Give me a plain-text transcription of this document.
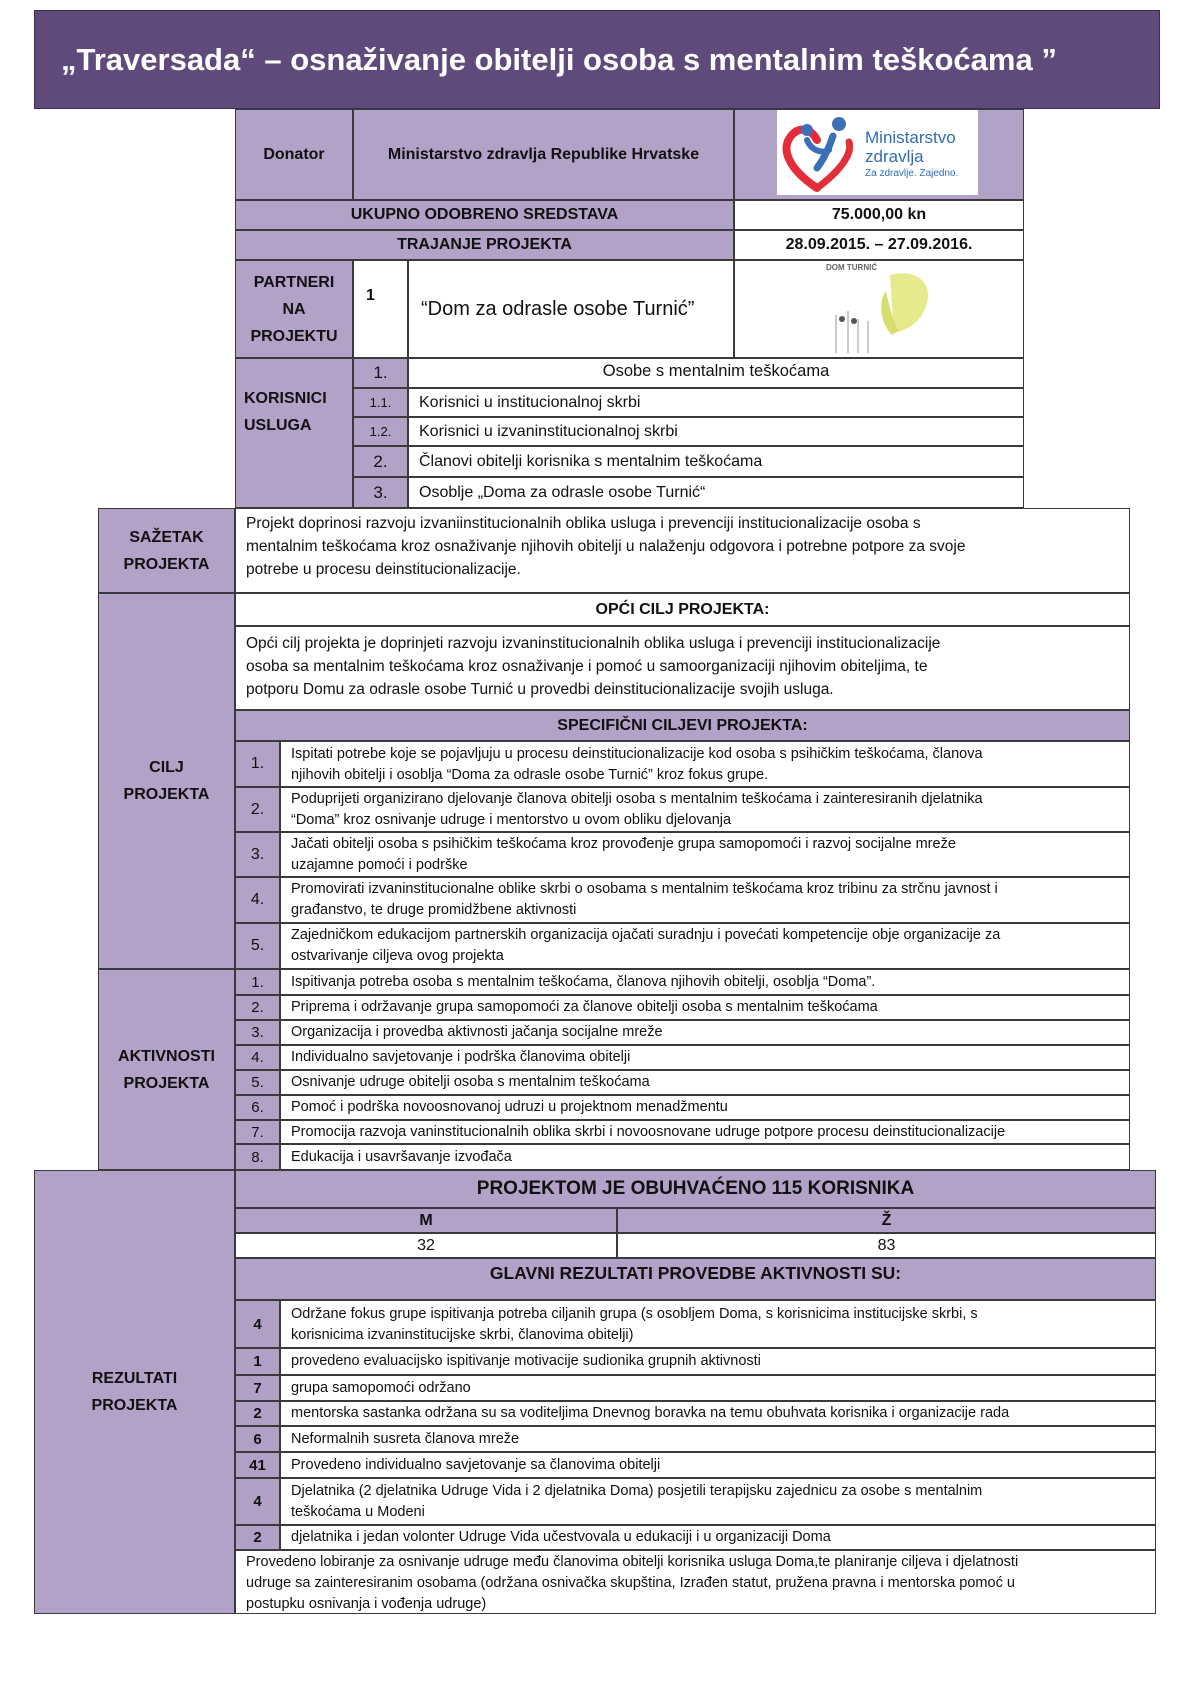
„Traversada“ – osnaživanje obitelji osoba s mentalnim teškoćama ”
Donator	Ministarstvo zdravlja Republike Hrvatske
Ministarstvo
zdravlja
Za zdravlje. Zajedno.
UKUPNO ODOBRENO SREDSTAVA	75.000,00 kn
TRAJANJE PROJEKTA	28.09.2015. – 27.09.2016.
PARTNERI
NA
PROJEKTU
1
“Dom za odrasle osobe Turnić”
DOM TURNIĆ
KORISNICI
USLUGA
1.	Osobe s mentalnim teškoćama
1.1. Korisnici u institucionalnoj skrbi
1.2. Korisnici u izvaninstitucionalnoj skrbi
2. Članovi obitelji korisnika s mentalnim teškoćama
3. Osoblje „Doma za odrasle osobe Turnić“
SAŽETAK
PROJEKTA
Projekt doprinosi razvoju izvaniinstitucionalnih oblika usluga i prevenciji institucionalizacije osoba s
mentalnim teškoćama kroz osnaživanje njihovih obitelji u nalaženju odgovora i potrebne potpore za svoje
potrebe u procesu deinstitucionalizacije.
CILJ
PROJEKTA
OPĆI CILJ PROJEKTA:
Opći cilj projekta je doprinjeti razvoju izvaninstitucionalnih oblika usluga i prevenciji institucionalizacije
osoba sa mentalnim teškoćama kroz osnaživanje i pomoć u samoorganizaciji njihovim obiteljima, te
potporu Domu za odrasle osobe Turnić u provedbi deinstitucionalizacije svojih usluga.
SPECIFIČNI CILJEVI PROJEKTA:
1.
Ispitati potrebe koje se pojavljuju u procesu deinstitucionalizacije kod osoba s psihičkim teškoćama, članova
njihovih obitelji i osoblja “Doma za odrasle osobe Turnić” kroz fokus grupe.
2.
Poduprijeti organizirano djelovanje članova obitelji osoba s mentalnim teškoćama i zainteresiranih djelatnika
“Doma” kroz osnivanje udruge i mentorstvo u ovom obliku djelovanja
3.
Jačati obitelji osoba s psihičkim teškoćama kroz provođenje grupa samopomoći i razvoj socijalne mreže
uzajamne pomoći i podrške
4.
Promovirati izvaninstitucionalne oblike skrbi o osobama s mentalnim teškoćama kroz tribinu za strčnu javnost i
građanstvo, te druge promidžbene aktivnosti
5.
Zajedničkom edukacijom partnerskih organizacija ojačati suradnju i povećati kompetencije obje organizacije za
ostvarivanje ciljeva ovog projekta
AKTIVNOSTI
PROJEKTA
1. Ispitivanja potreba osoba s mentalnim teškoćama, članova njihovih obitelji, osoblja “Doma”.
2. Priprema i održavanje grupa samopomoći za članove obitelji osoba s mentalnim teškoćama
3. Organizacija i provedba aktivnosti jačanja socijalne mreže
4. Individualno savjetovanje i podrška članovima obitelji
5. Osnivanje udruge obitelji osoba s mentalnim teškoćama
6. Pomoć i podrška novoosnovanoj udruzi u projektnom menadžmentu
7. Promocija razvoja vaninstitucionalnih oblika skrbi i novoosnovane udruge potpore procesu deinstitucionalizacije
8. Edukacija i usavršavanje izvođača
REZULTATI
PROJEKTA
PROJEKTOM JE OBUHVAĆENO 115 KORISNIKA
M	Ž
32	83
GLAVNI REZULTATI PROVEDBE AKTIVNOSTI SU:
4
Održane fokus grupe ispitivanja potreba ciljanih grupa (s osobljem Doma, s korisnicima institucijske skrbi, s
korisnicima izvaninstitucijske skrbi, članovima obitelji)
1 provedeno evaluacijsko ispitivanje motivacije sudionika grupnih aktivnosti
7 grupa samopomoći održano
2 mentorska sastanka održana su sa voditeljima Dnevnog boravka na temu obuhvata korisnika i organizacije rada
6 Neformalnih susreta članova mreže
41 Provedeno individualno savjetovanje sa članovima obitelji
4
Djelatnika (2 djelatnika Udruge Vida i 2 djelatnika Doma) posjetili terapijsku zajednicu za osobe s mentalnim
teškoćama u Modeni
2 djelatnika i jedan volonter Udruge Vida učestvovala u edukaciji i u organizaciji Doma
Provedeno lobiranje za osnivanje udruge među članovima obitelji korisnika usluga Doma,te planiranje ciljeva i djelatnosti
udruge sa zainteresiranim osobama (održana osnivačka skupština, Izrađen statut, pružena pravna i mentorska pomoć u
postupku osnivanja i vođenja udruge)
